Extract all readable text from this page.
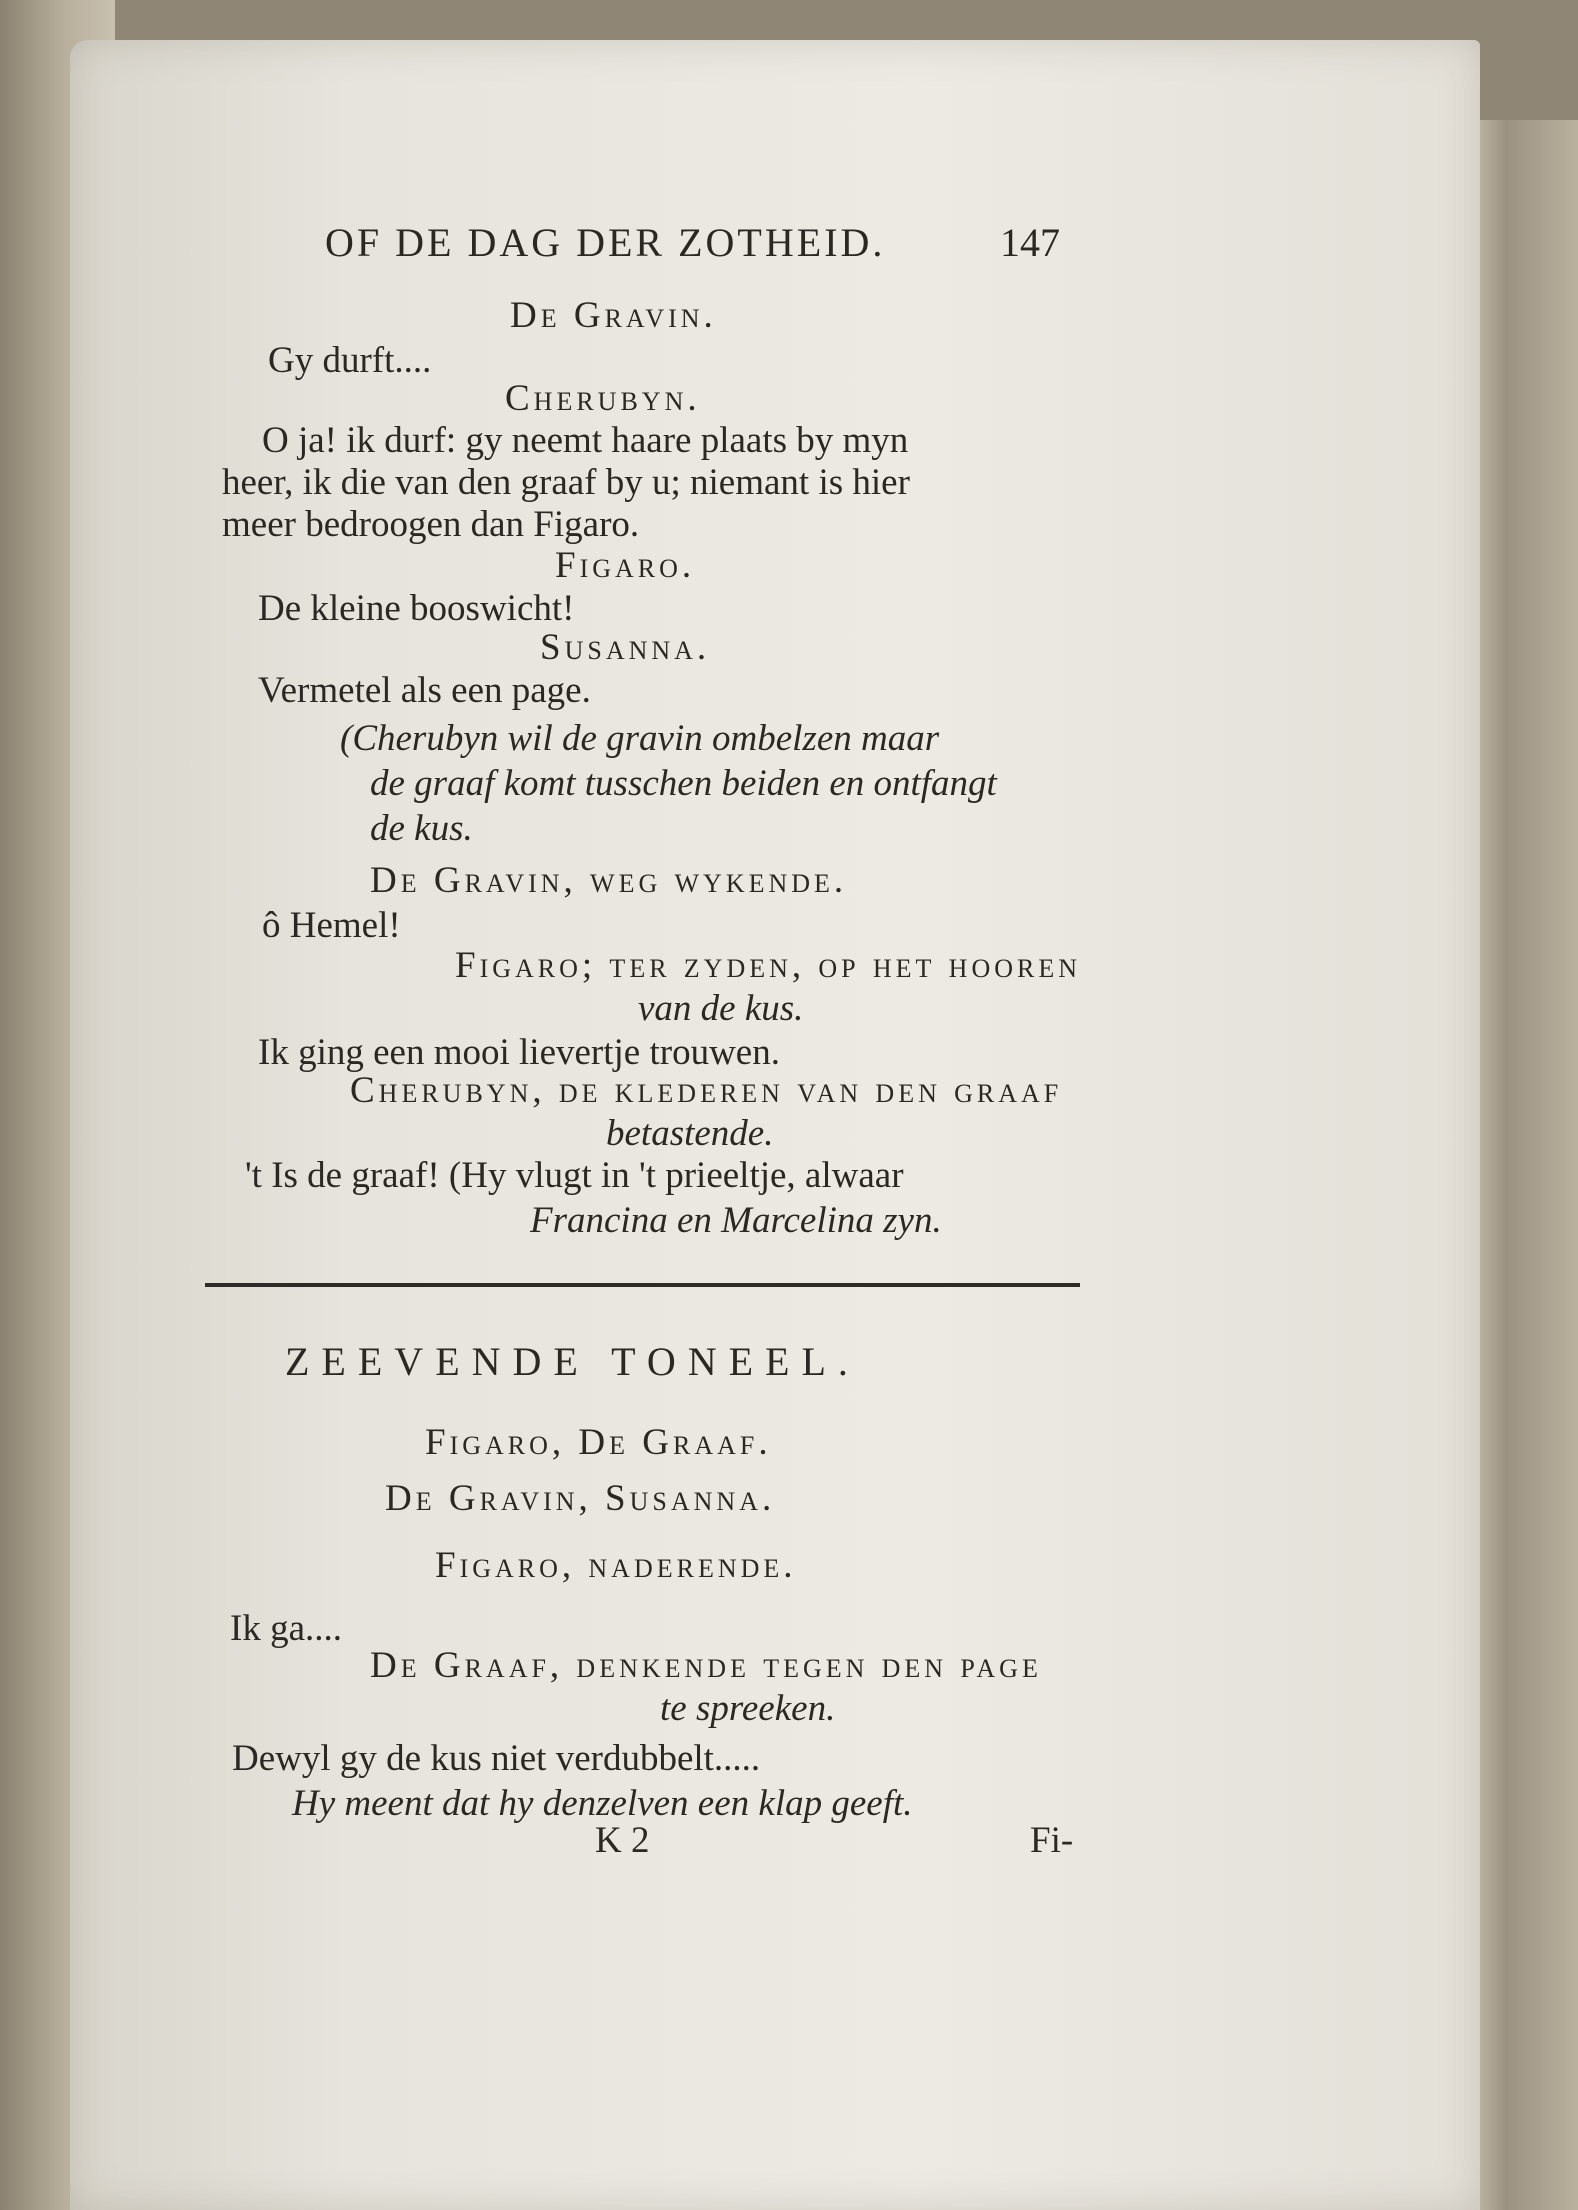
OF DE DAG DER ZOTHEID.	147
De Gravin.
Gy durft....
Cherubyn.
O ja! ik durf: gy neemt haare plaats by myn
heer, ik die van den graaf by u; niemant is hier
meer bedroogen dan Figaro.
Figaro.
De kleine booswicht!
Susanna.
Vermetel als een page.
(Cherubyn wil de gravin ombelzen maar
de graaf komt tusschen beiden en ontfangt
de kus.
De Gravin, weg wykende.
ô Hemel!
Figaro; ter zyden, op het hooren
van de kus.
Ik ging een mooi lievertje trouwen.
Cherubyn, de klederen van den graaf
betastende.
't Is de graaf! (Hy vlugt in 't prieeltje, alwaar
Francina en Marcelina zyn.
Figaro, De Graaf.
De Gravin, Susanna.
Figaro, naderende.
Ik ga....
De Graaf, denkende tegen den page
te spreeken.
Dewyl gy de kus niet verdubbelt.....
Hy meent dat hy denzelven een klap geeft.
K 2	Fi-
ZEEVENDE TONEEL.
